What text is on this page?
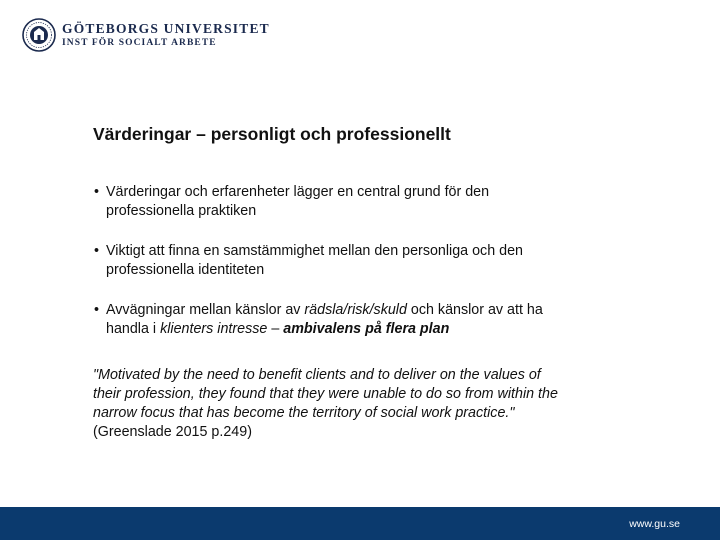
GÖTEBORGS UNIVERSITET
INST FÖR SOCIALT ARBETE
Värderingar – personligt och professionellt
• Värderingar och erfarenheter lägger en central grund för den
professionella praktiken
• Viktigt att finna en samstämmighet mellan den personliga och den
professionella identiteten
• Avvägningar mellan känslor av rädsla/risk/skuld och känslor av att ha
handla i klienters intresse – ambivalens på flera plan

"Motivated by the need to benefit clients and to deliver on the values of
their profession, they found that they were unable to do so from within the
narrow focus that has become the territory of social work practice."
(Greenslade 2015 p.249)

www.gu.se
